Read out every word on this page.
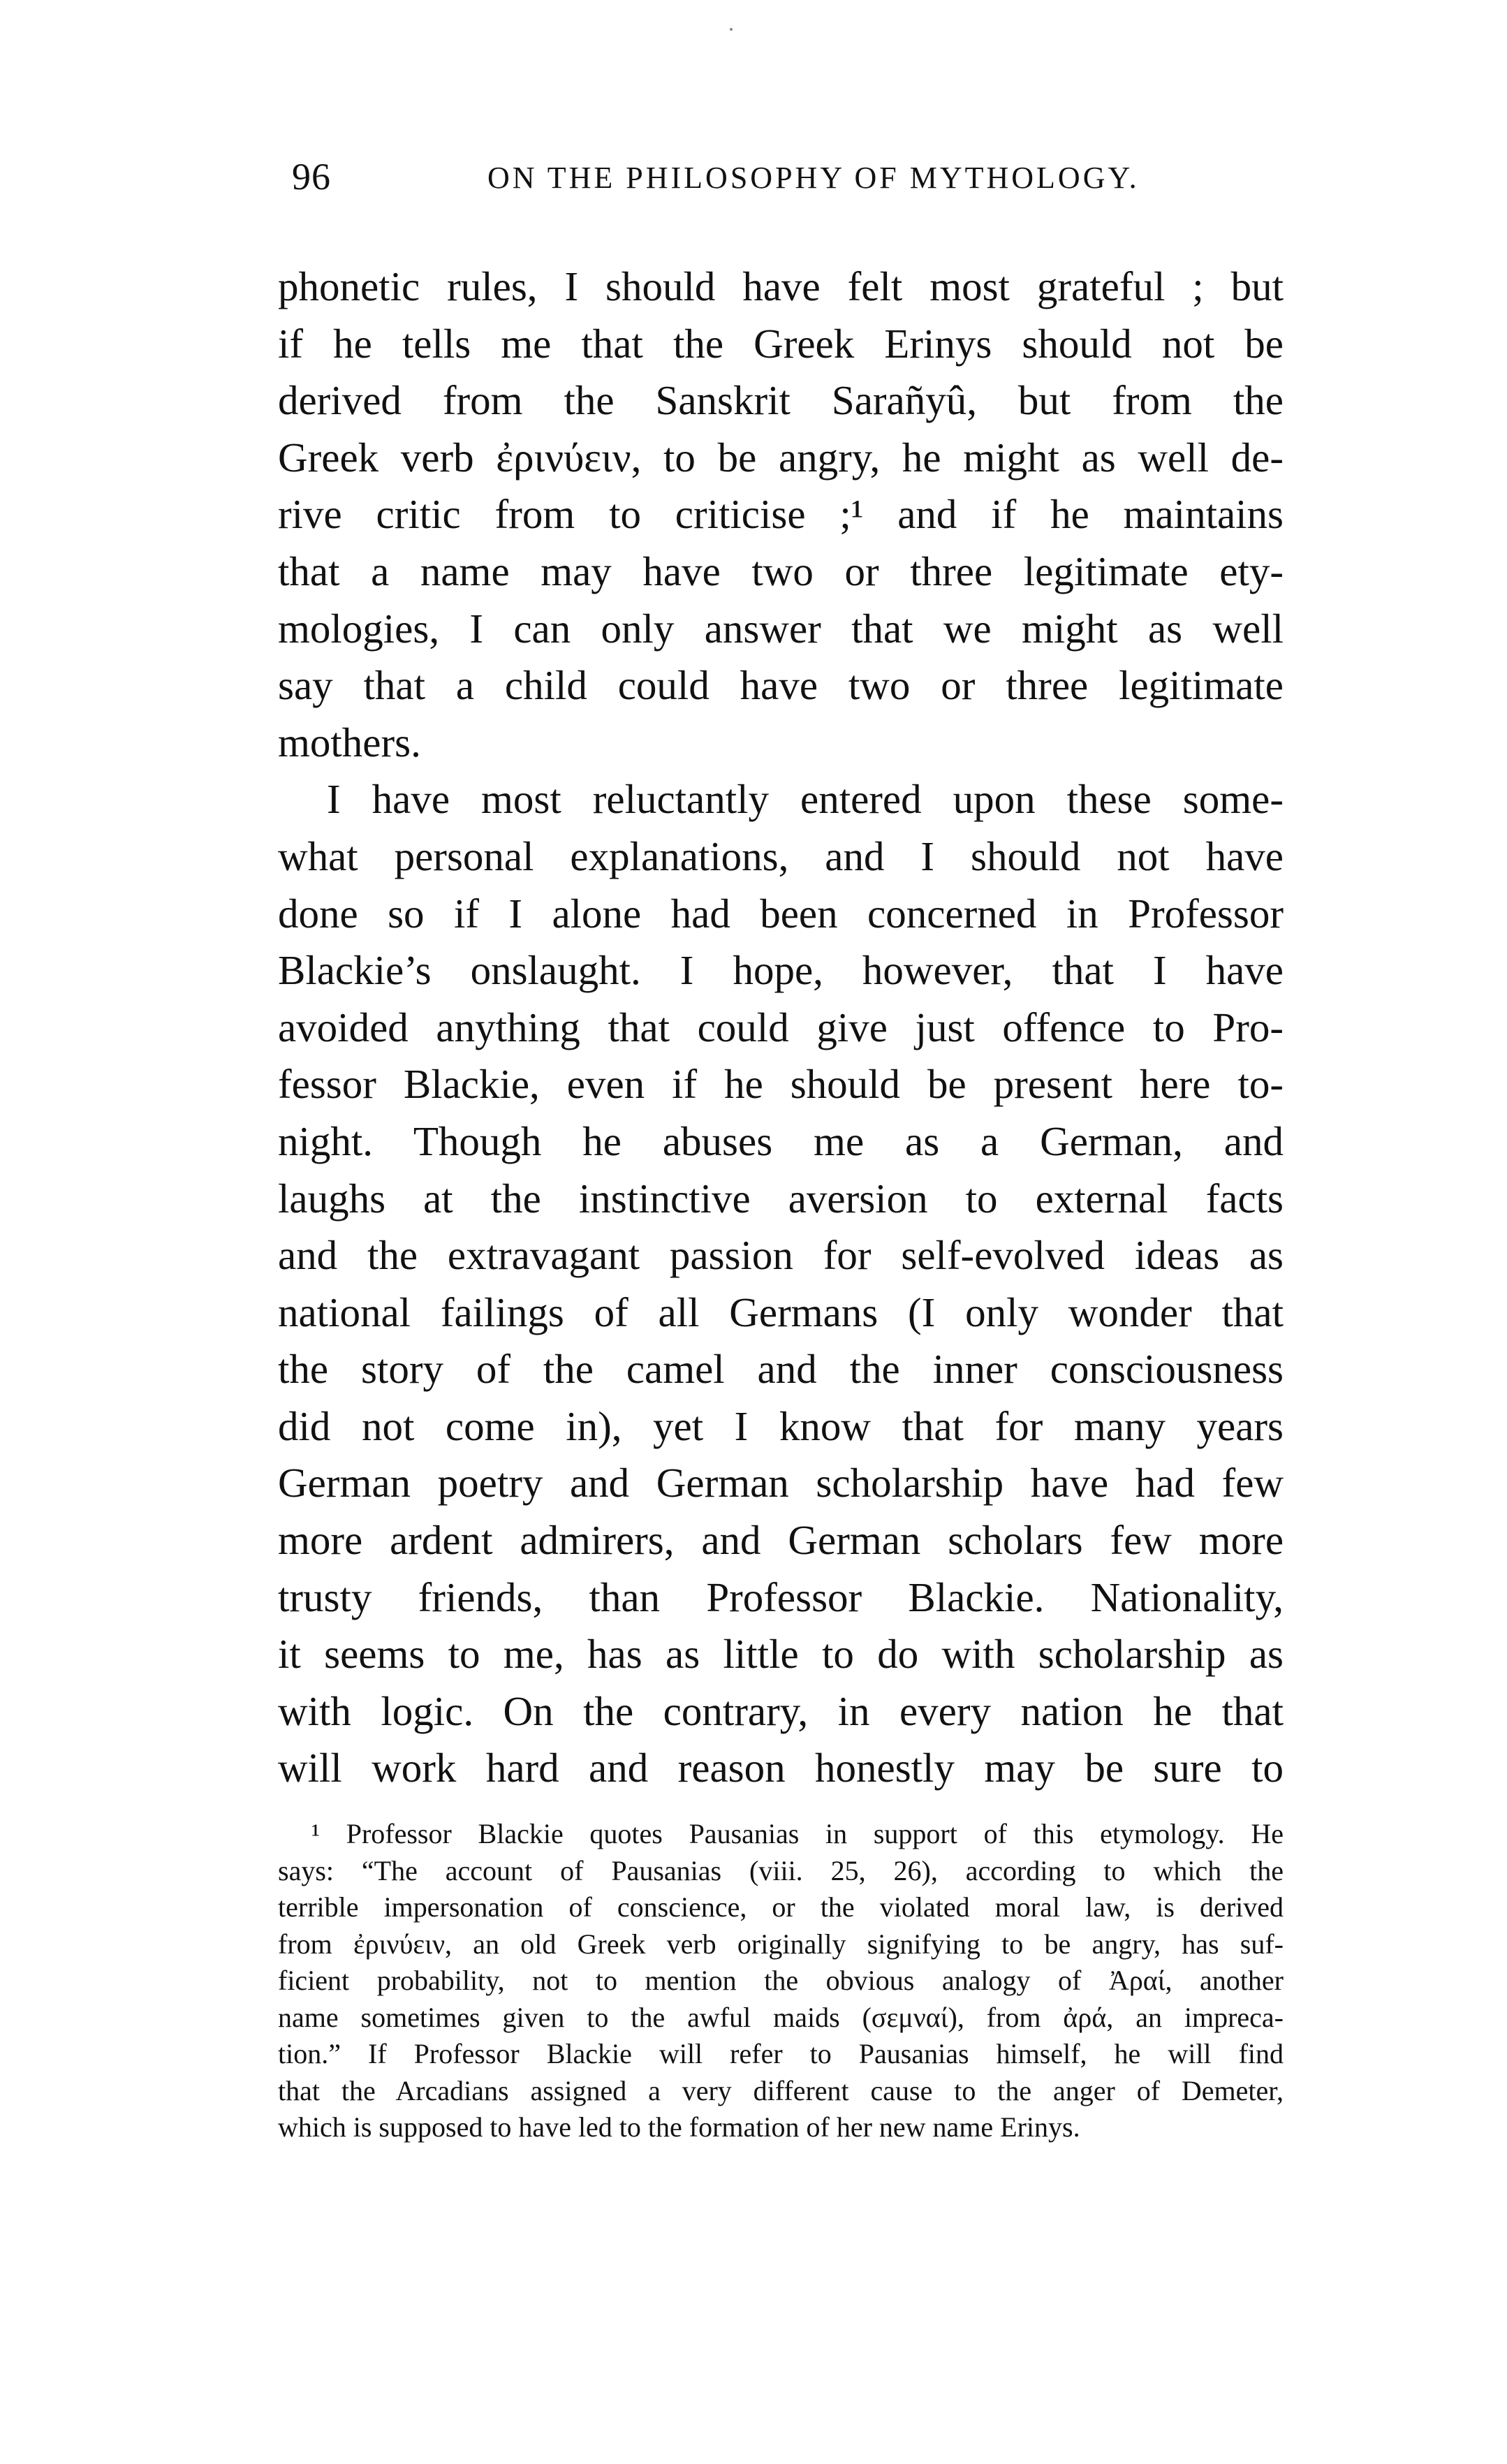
96	ON THE PHILOSOPHY OF MYTHOLOGY.
phonetic rules, I should have felt most grateful ; but
if he tells me that the Greek Erinys should not be
derived from the Sanskrit Sarañyû, but from the
Greek verb ἐρινύειν, to be angry, he might as well de-
rive critic from to criticise ;¹ and if he maintains
that a name may have two or three legitimate ety-
mologies, I can only answer that we might as well
say that a child could have two or three legitimate
mothers.
I have most reluctantly entered upon these some-
what personal explanations, and I should not have
done so if I alone had been concerned in Professor
Blackie’s onslaught. I hope, however, that I have
avoided anything that could give just offence to Pro-
fessor Blackie, even if he should be present here to-
night. Though he abuses me as a German, and
laughs at the instinctive aversion to external facts
and the extravagant passion for self-evolved ideas as
national failings of all Germans (I only wonder that
the story of the camel and the inner consciousness
did not come in), yet I know that for many years
German poetry and German scholarship have had few
more ardent admirers, and German scholars few more
trusty friends, than Professor Blackie. Nationality,
it seems to me, has as little to do with scholarship as
with logic. On the contrary, in every nation he that
will work hard and reason honestly may be sure to
¹ Professor Blackie quotes Pausanias in support of this etymology. He
says: “The account of Pausanias (viii. 25, 26), according to which the
terrible impersonation of conscience, or the violated moral law, is derived
from ἐρινύειν, an old Greek verb originally signifying to be angry, has suf-
ficient probability, not to mention the obvious analogy of Ἀραί, another
name sometimes given to the awful maids (σεμναί), from ἀρά, an impreca-
tion.” If Professor Blackie will refer to Pausanias himself, he will find
that the Arcadians assigned a very different cause to the anger of Demeter,
which is supposed to have led to the formation of her new name Erinys.
